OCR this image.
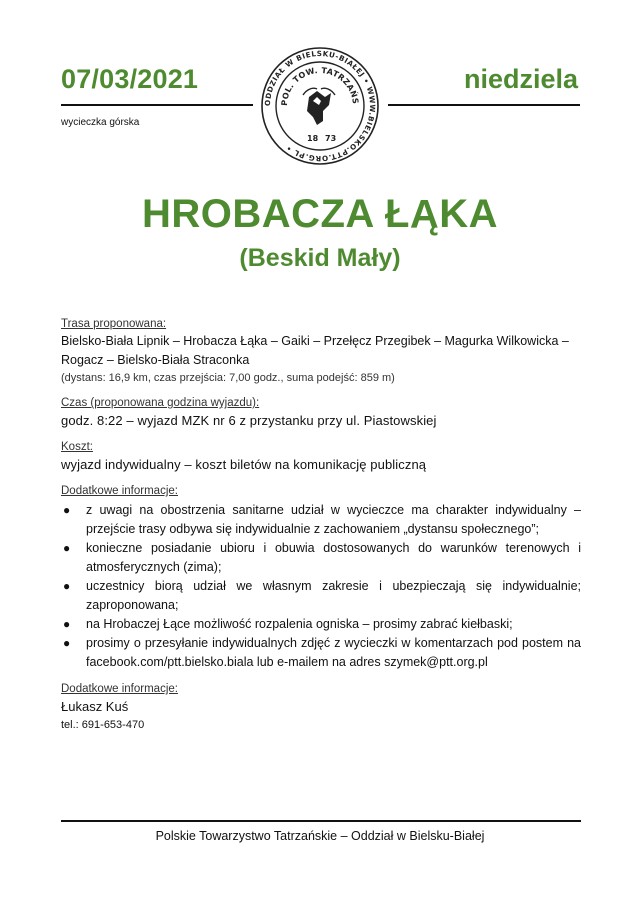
07/03/2021	niedziela
wycieczka górska
ODDZIAŁ W BIELSKU-BIAŁEJ • WWW.BIELSKO.PTT.ORG.PL •
POL. TOW. TATRZAŃS
18 73
HROBACZA ŁĄKA
(Beskid Mały)
Trasa proponowana:
Bielsko-Biała Lipnik – Hrobacza Łąka – Gaiki – Przełęcz Przegibek – Magurka Wilkowicka –
Rogacz – Bielsko-Biała Straconka
(dystans: 16,9 km, czas przejścia: 7,00 godz., suma podejść: 859 m)
Czas (proponowana godzina wyjazdu):
godz. 8:22 – wyjazd MZK nr 6 z przystanku przy ul. Piastowskiej
Koszt:
wyjazd indywidualny – koszt biletów na komunikację publiczną
Dodatkowe informacje:
● z uwagi na obostrzenia sanitarne udział w wycieczce ma charakter indywidualny – przejście trasy odbywa się indywidualnie z zachowaniem „dystansu społecznego”;
● konieczne posiadanie ubioru i obuwia dostosowanych do warunków terenowych i atmosferycznych (zima);
● uczestnicy biorą udział we własnym zakresie i ubezpieczają się indywidualnie; zaproponowana;
● na Hrobaczej Łące możliwość rozpalenia ogniska – prosimy zabrać kiełbaski;
● prosimy o przesyłanie indywidualnych zdjęć z wycieczki w komentarzach pod postem na facebook.com/ptt.bielsko.biala lub e-mailem na adres szymek@ptt.org.pl
Dodatkowe informacje:
Łukasz Kuś
tel.: 691-653-470
Polskie Towarzystwo Tatrzańskie – Oddział w Bielsku-Białej
